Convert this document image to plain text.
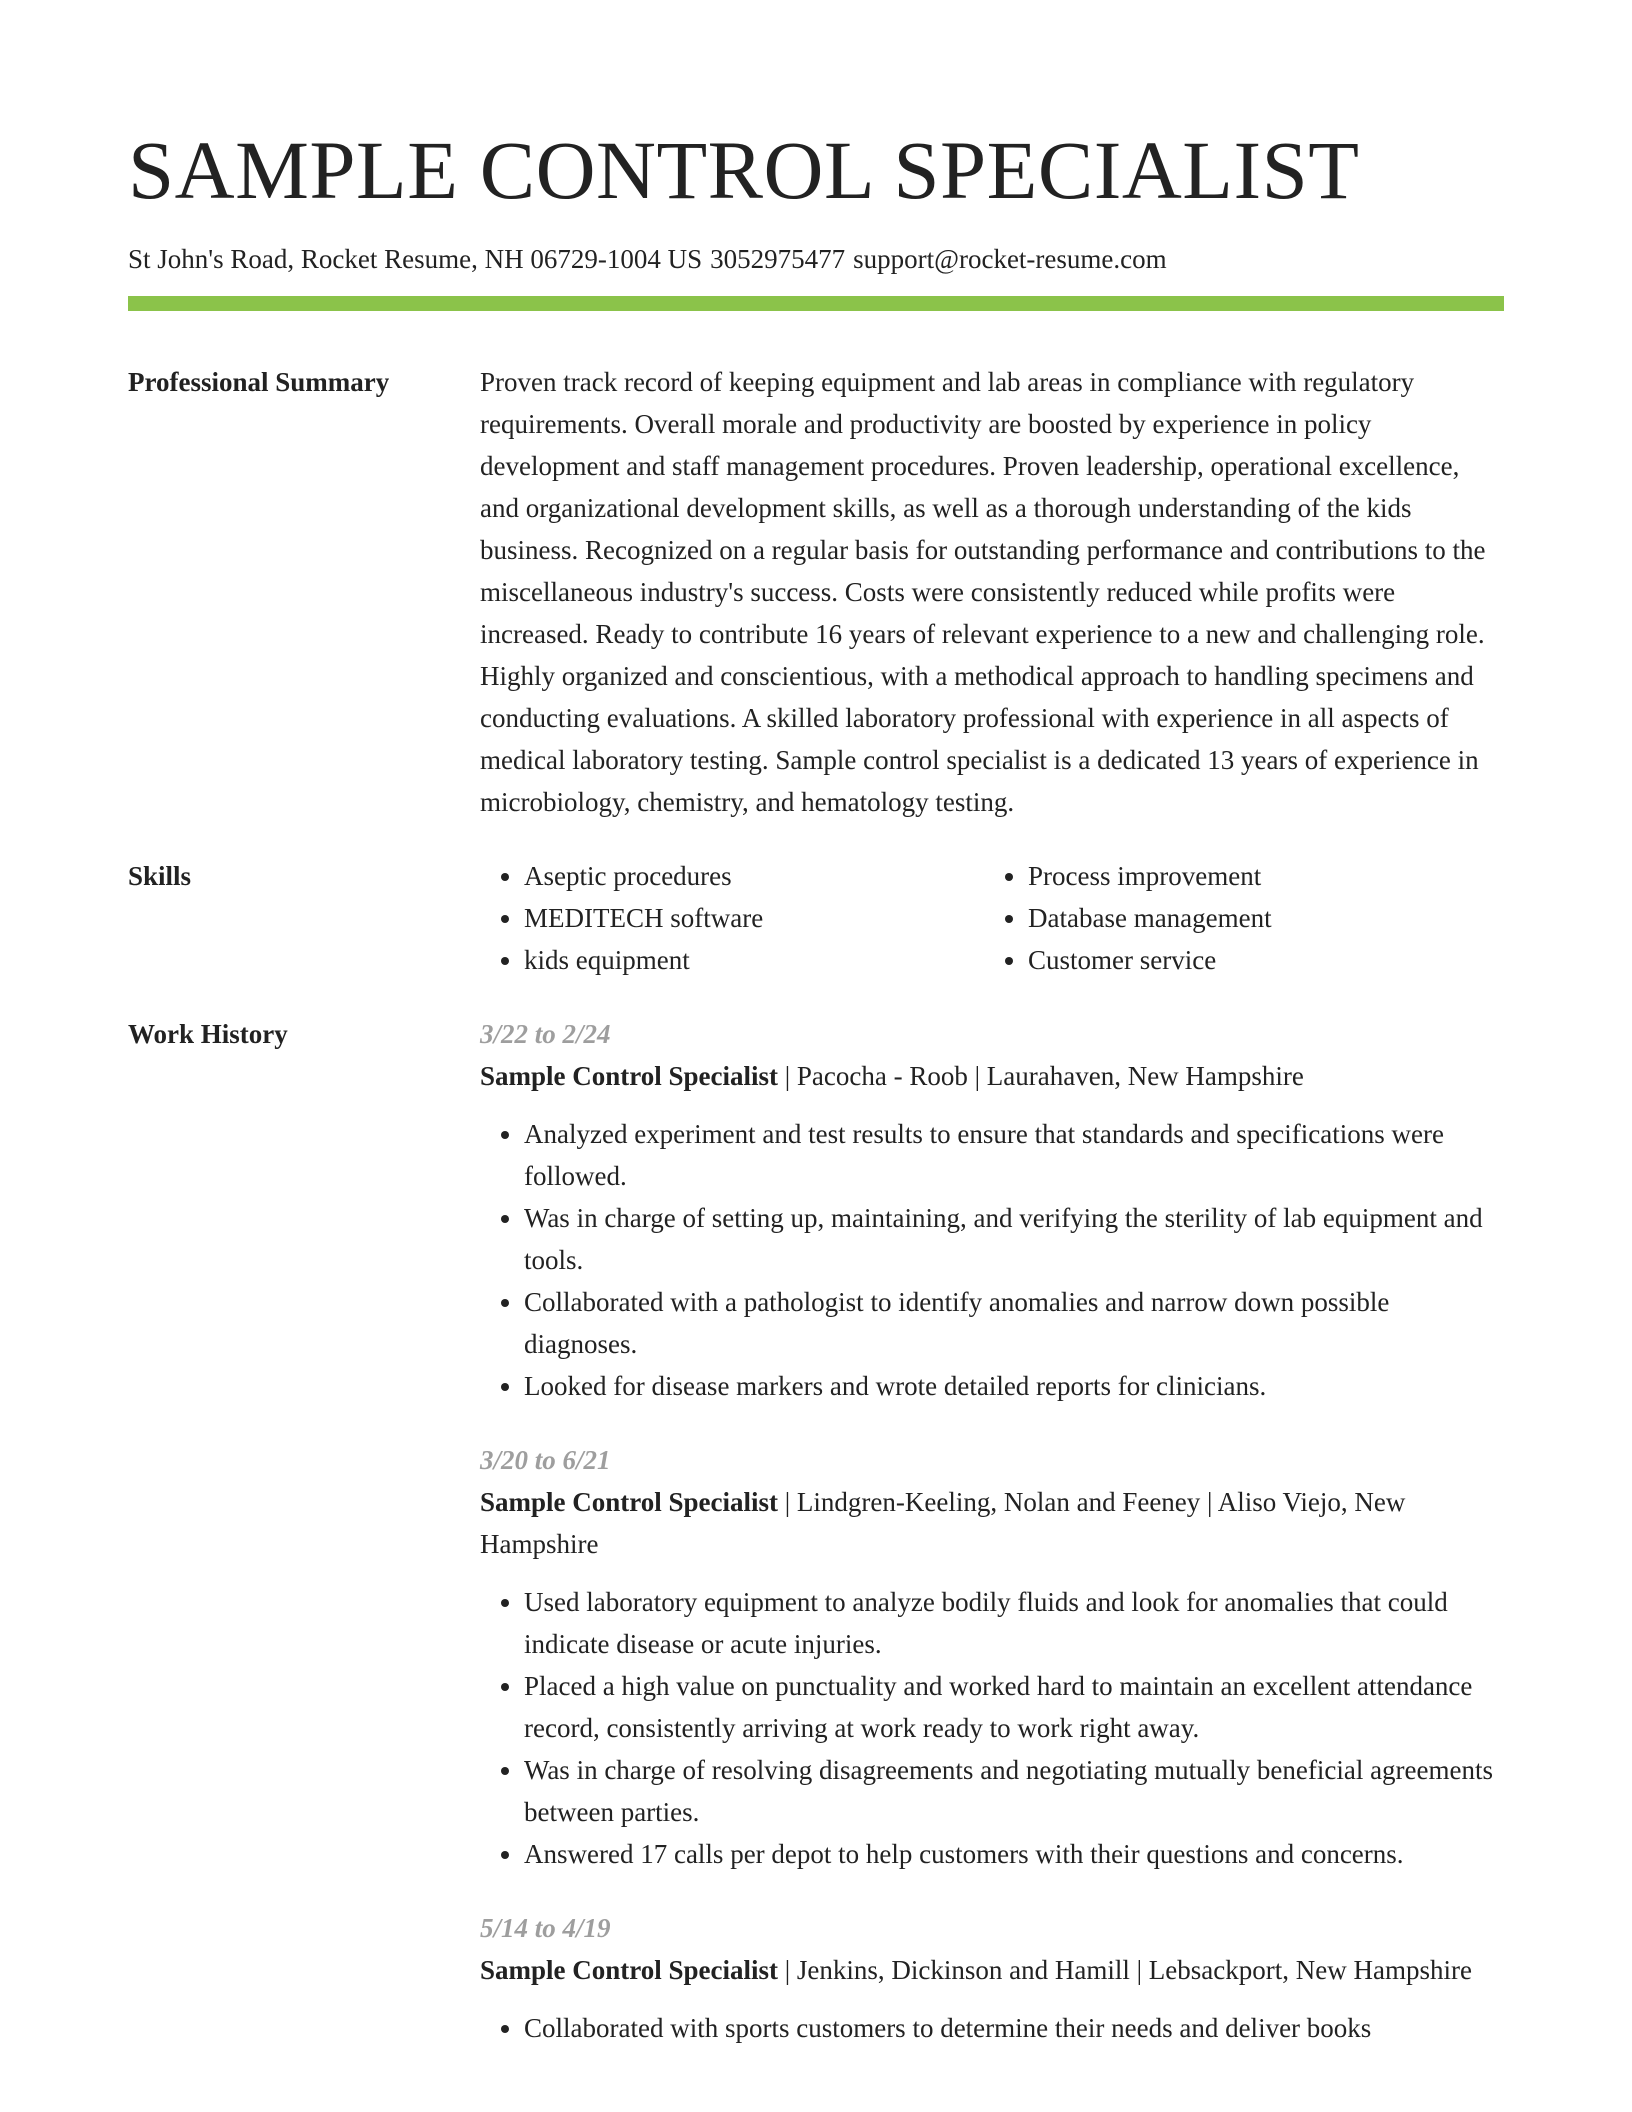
SAMPLE CONTROL SPECIALIST
St John's Road, Rocket Resume, NH 06729-1004 US 3052975477 support@rocket-resume.com
Professional Summary	Proven track record of keeping equipment and lab areas in compliance with regulatory requirements. Overall morale and productivity are boosted by experience in policy development and staff management procedures. Proven leadership, operational excellence, and organizational development skills, as well as a thorough understanding of the kids business. Recognized on a regular basis for outstanding performance and contributions to the miscellaneous industry's success. Costs were consistently reduced while profits were increased. Ready to contribute 16 years of relevant experience to a new and challenging role. Highly organized and conscientious, with a methodical approach to handling specimens and conducting evaluations. A skilled laboratory professional with experience in all aspects of medical laboratory testing. Sample control specialist is a dedicated 13 years of experience in microbiology, chemistry, and hematology testing.

Skills
•	Aseptic procedures
• MEDITECH software
• kids equipment
• Process improvement
• Database management
• Customer service
Work History	3/22 to 2/24
Sample Control Specialist | Pacocha - Roob | Laurahaven, New Hampshire
• Analyzed experiment and test results to ensure that standards and specifications were followed.
• Was in charge of setting up, maintaining, and verifying the sterility of lab equipment and tools.
• Collaborated with a pathologist to identify anomalies and narrow down possible diagnoses.
• Looked for disease markers and wrote detailed reports for clinicians.
3/20 to 6/21
Sample Control Specialist | Lindgren-Keeling, Nolan and Feeney | Aliso Viejo, New Hampshire
• Used laboratory equipment to analyze bodily fluids and look for anomalies that could indicate disease or acute injuries.
• Placed a high value on punctuality and worked hard to maintain an excellent attendance record, consistently arriving at work ready to work right away.
• Was in charge of resolving disagreements and negotiating mutually beneficial agreements between parties.
• Answered 17 calls per depot to help customers with their questions and concerns.
5/14 to 4/19
Sample Control Specialist | Jenkins, Dickinson and Hamill | Lebsackport, New Hampshire
• Collaborated with sports customers to determine their needs and deliver books
